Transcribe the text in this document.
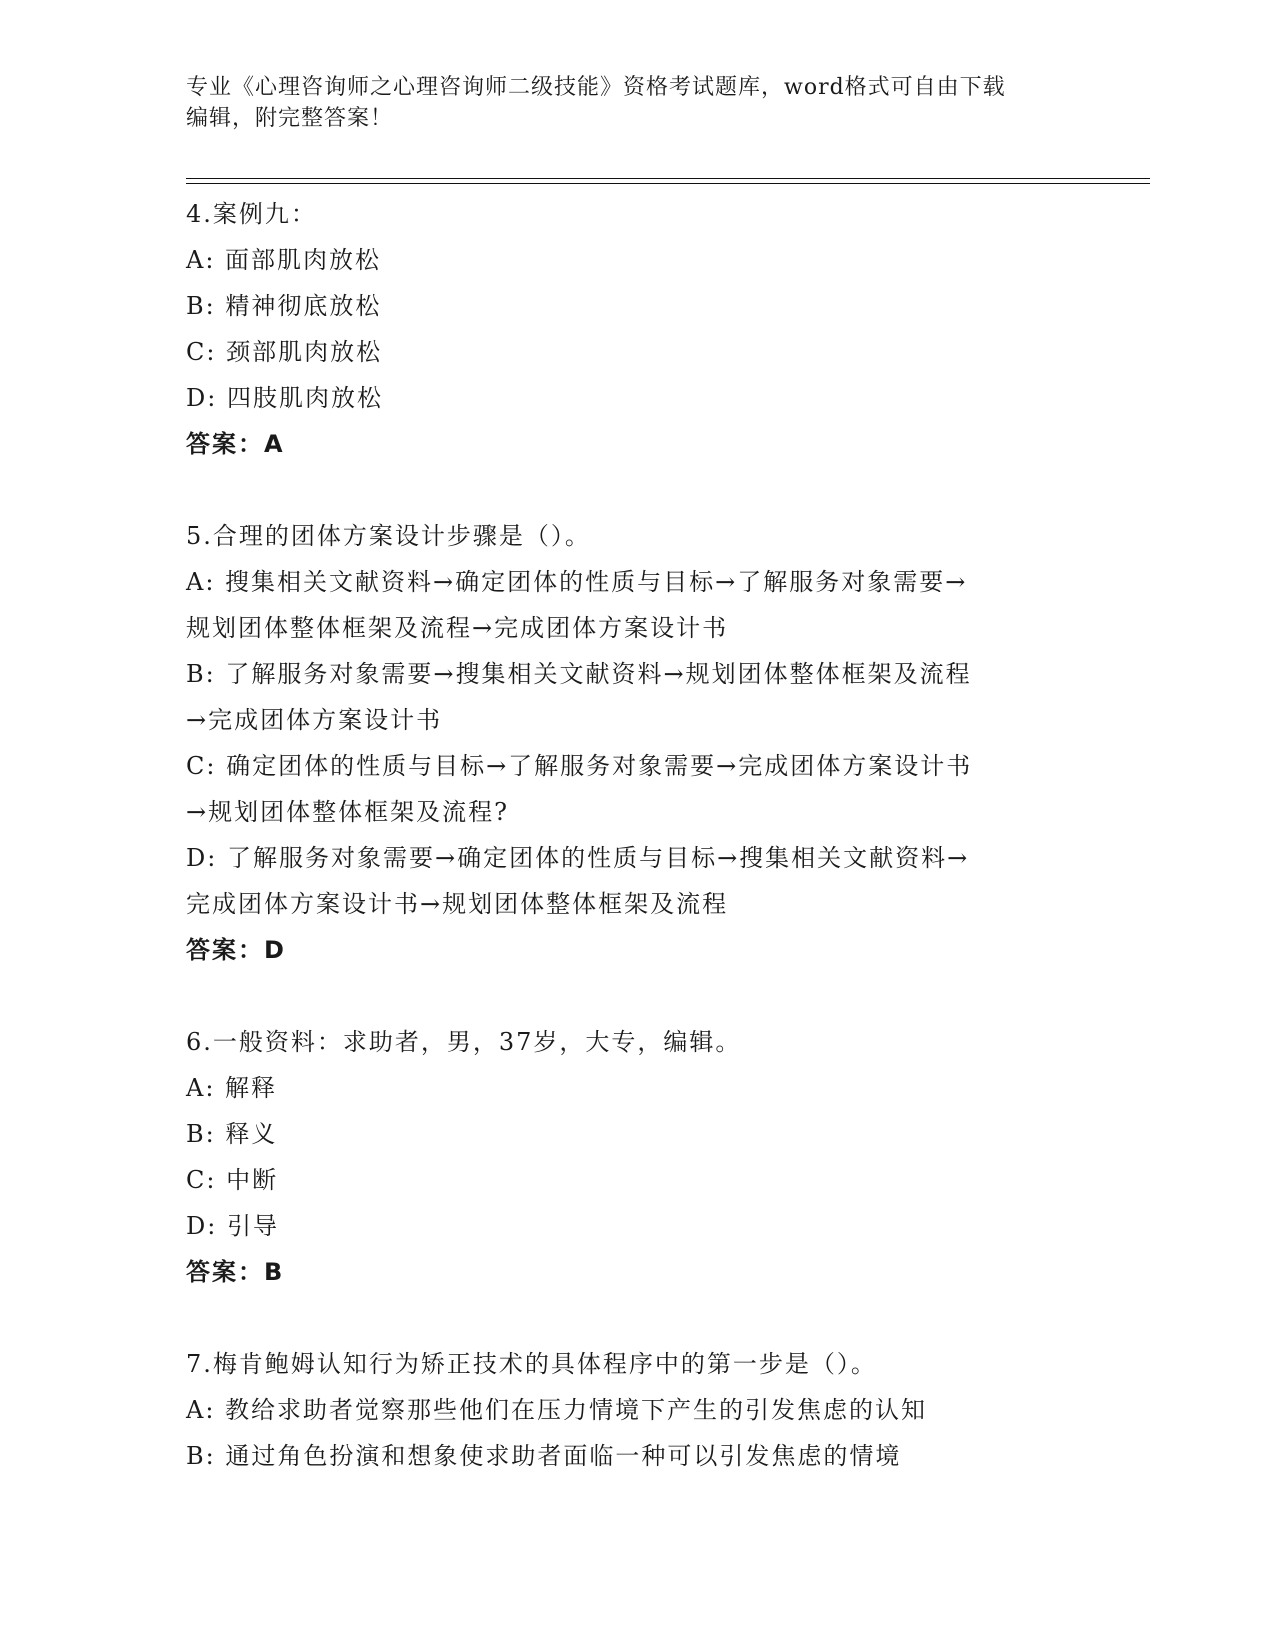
专业《心理咨询师之心理咨询师二级技能》资格考试题库，word格式可自由下载
编辑，附完整答案！
4.案例九：
A: 面部肌肉放松
B: 精神彻底放松
C: 颈部肌肉放松
D: 四肢肌肉放松
答案：A
5.合理的团体方案设计步骤是（）。
A: 搜集相关文献资料→确定团体的性质与目标→了解服务对象需要→
规划团体整体框架及流程→完成团体方案设计书
B: 了解服务对象需要→搜集相关文献资料→规划团体整体框架及流程
→完成团体方案设计书
C: 确定团体的性质与目标→了解服务对象需要→完成团体方案设计书
→规划团体整体框架及流程?
D: 了解服务对象需要→确定团体的性质与目标→搜集相关文献资料→
完成团体方案设计书→规划团体整体框架及流程
答案：D
6.一般资料：求助者，男，37岁，大专，编辑。
A: 解释
B: 释义
C: 中断
D: 引导
答案：B
7.梅肯鲍姆认知行为矫正技术的具体程序中的第一步是（）。
A: 教给求助者觉察那些他们在压力情境下产生的引发焦虑的认知
B: 通过角色扮演和想象使求助者面临一种可以引发焦虑的情境
